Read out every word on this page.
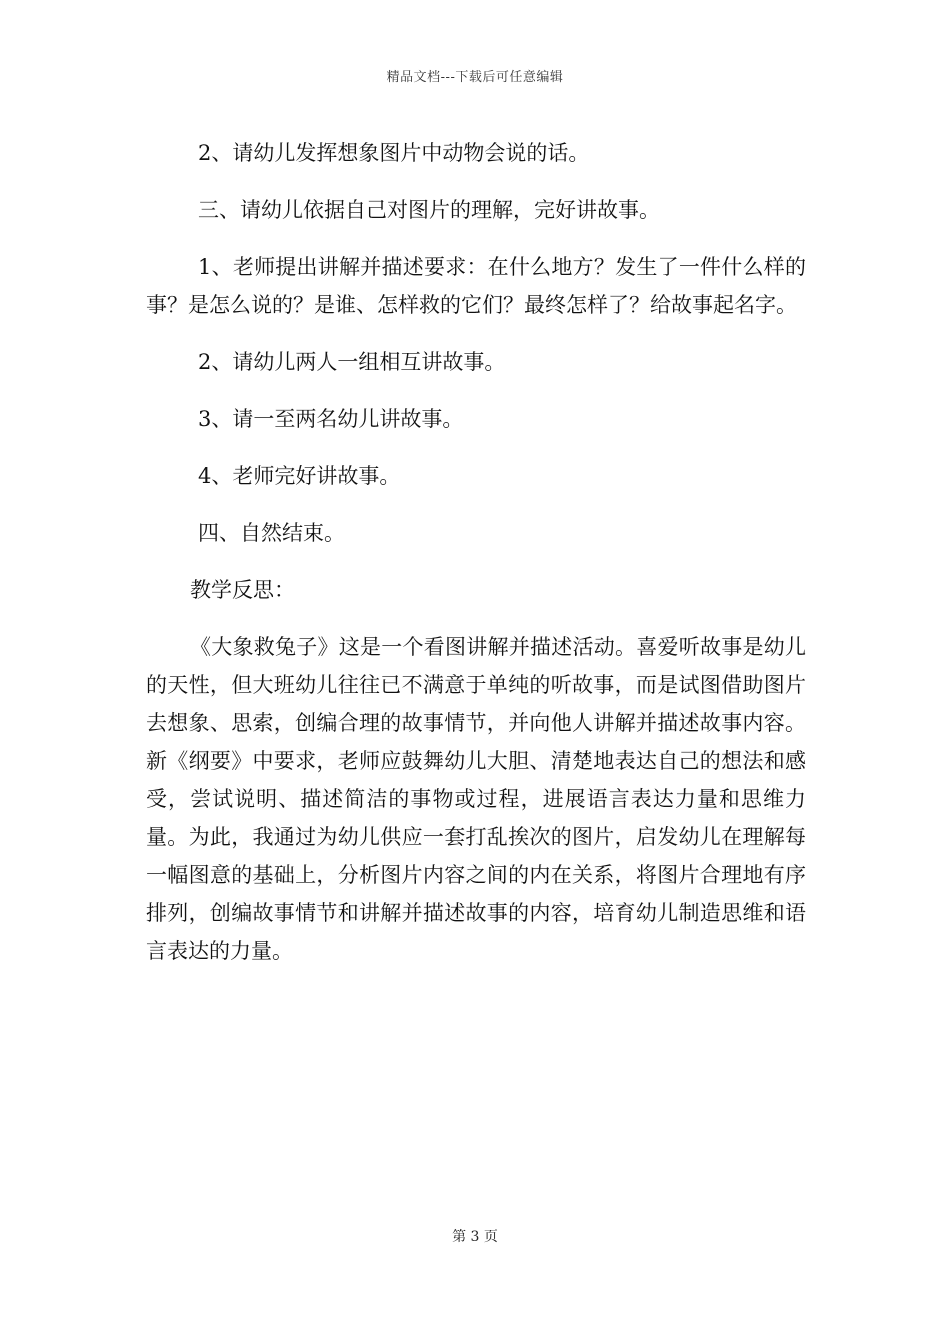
精品文档---下载后可任意编辑

2、请幼儿发挥想象图片中动物会说的话。

三、请幼儿依据自己对图片的理解，完好讲故事。

1、老师提出讲解并描述要求：在什么地方？发生了一件什么样的事？是怎么说的？是谁、怎样救的它们？最终怎样了？给故事起名字。

2、请幼儿两人一组相互讲故事。

3、请一至两名幼儿讲故事。

4、老师完好讲故事。

四、自然结束。

教学反思：

《大象救兔子》这是一个看图讲解并描述活动。喜爱听故事是幼儿的天性，但大班幼儿往往已不满意于单纯的听故事，而是试图借助图片去想象、思索，创编合理的故事情节，并向他人讲解并描述故事内容。新《纲要》中要求，老师应鼓舞幼儿大胆、清楚地表达自己的想法和感受，尝试说明、描述简洁的事物或过程，进展语言表达力量和思维力量。为此，我通过为幼儿供应一套打乱挨次的图片，启发幼儿在理解每一幅图意的基础上，分析图片内容之间的内在关系，将图片合理地有序排列，创编故事情节和讲解并描述故事的内容，培育幼儿制造思维和语言表达的力量。

第 3 页
